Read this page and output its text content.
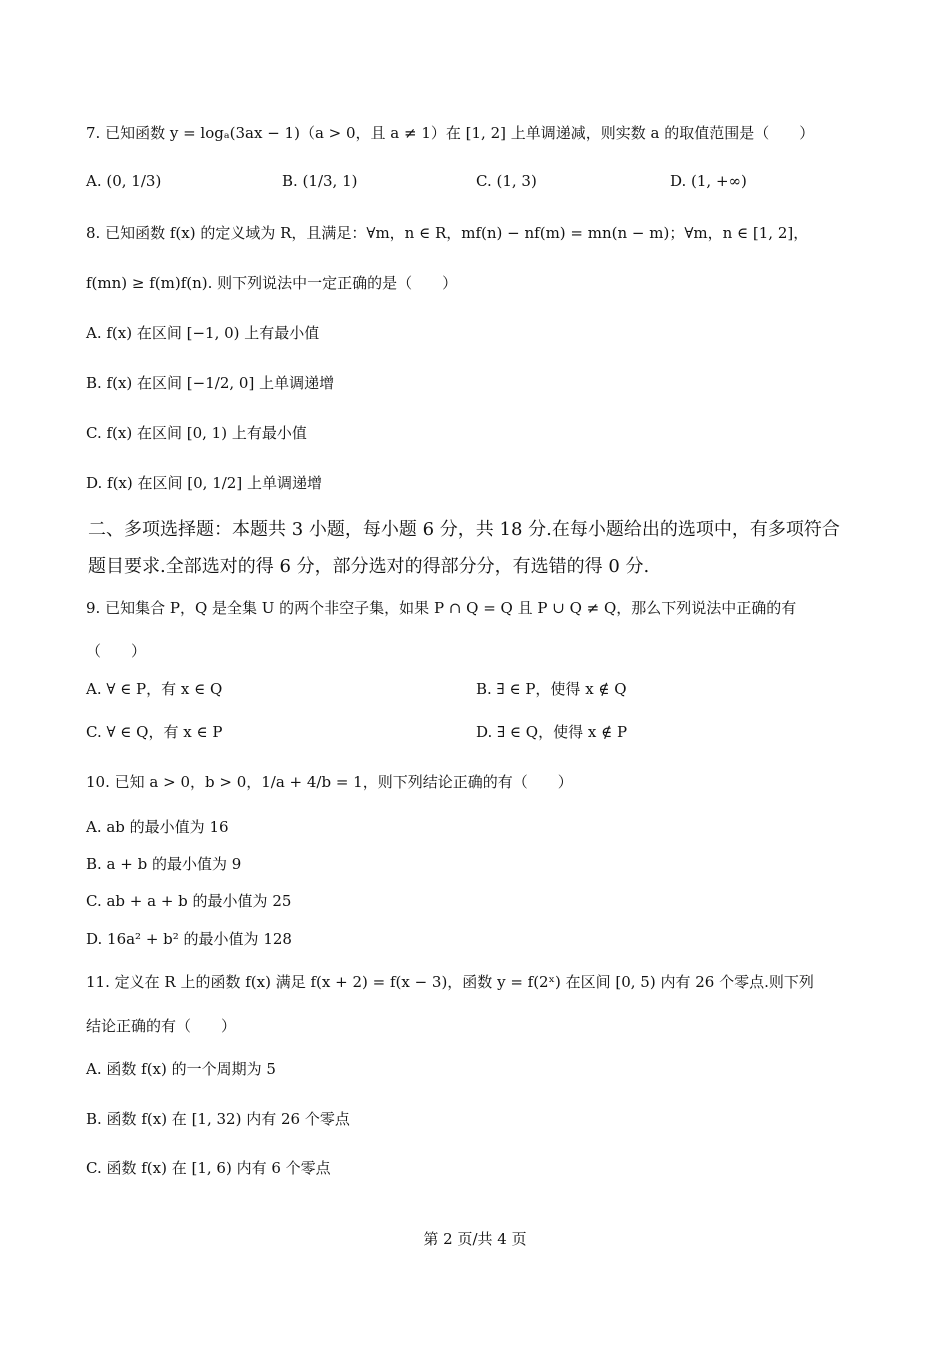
7. 已知函数 y = logₐ(3ax − 1)（a > 0，且 a ≠ 1）在 [1, 2] 上单调递减，则实数 a 的取值范围是（　　）
A. (0, 1/3)	B. (1/3, 1)	C. (1, 3)	D. (1, +∞)
8. 已知函数 f(x) 的定义域为 R，且满足：∀m，n ∈ R，mf(n) − nf(m) = mn(n − m)；∀m，n ∈ [1, 2]，
f(mn) ≥ f(m)f(n). 则下列说法中一定正确的是（　　）
A. f(x) 在区间 [−1, 0) 上有最小值
B. f(x) 在区间 [−1/2, 0] 上单调递增
C. f(x) 在区间 [0, 1) 上有最小值
D. f(x) 在区间 [0, 1/2] 上单调递增
二、多项选择题：本题共 3 小题，每小题 6 分，共 18 分.在每小题给出的选项中，有多项符合
题目要求.全部选对的得 6 分，部分选对的得部分分，有选错的得 0 分.
9. 已知集合 P，Q 是全集 U 的两个非空子集，如果 P ∩ Q = Q 且 P ∪ Q ≠ Q，那么下列说法中正确的有
（　　）
A. ∀ ∈ P，有 x ∈ Q	B. ∃ ∈ P，使得 x ∉ Q
C. ∀ ∈ Q，有 x ∈ P	D. ∃ ∈ Q，使得 x ∉ P
10. 已知 a > 0，b > 0，1/a + 4/b = 1，则下列结论正确的有（　　）
A. ab 的最小值为 16
B. a + b 的最小值为 9
C. ab + a + b 的最小值为 25
D. 16a² + b² 的最小值为 128
11. 定义在 R 上的函数 f(x) 满足 f(x + 2) = f(x − 3)，函数 y = f(2ˣ) 在区间 [0, 5) 内有 26 个零点.则下列
结论正确的有（　　）
A. 函数 f(x) 的一个周期为 5
B. 函数 f(x) 在 [1, 32) 内有 26 个零点
C. 函数 f(x) 在 [1, 6) 内有 6 个零点
第 2 页/共 4 页
